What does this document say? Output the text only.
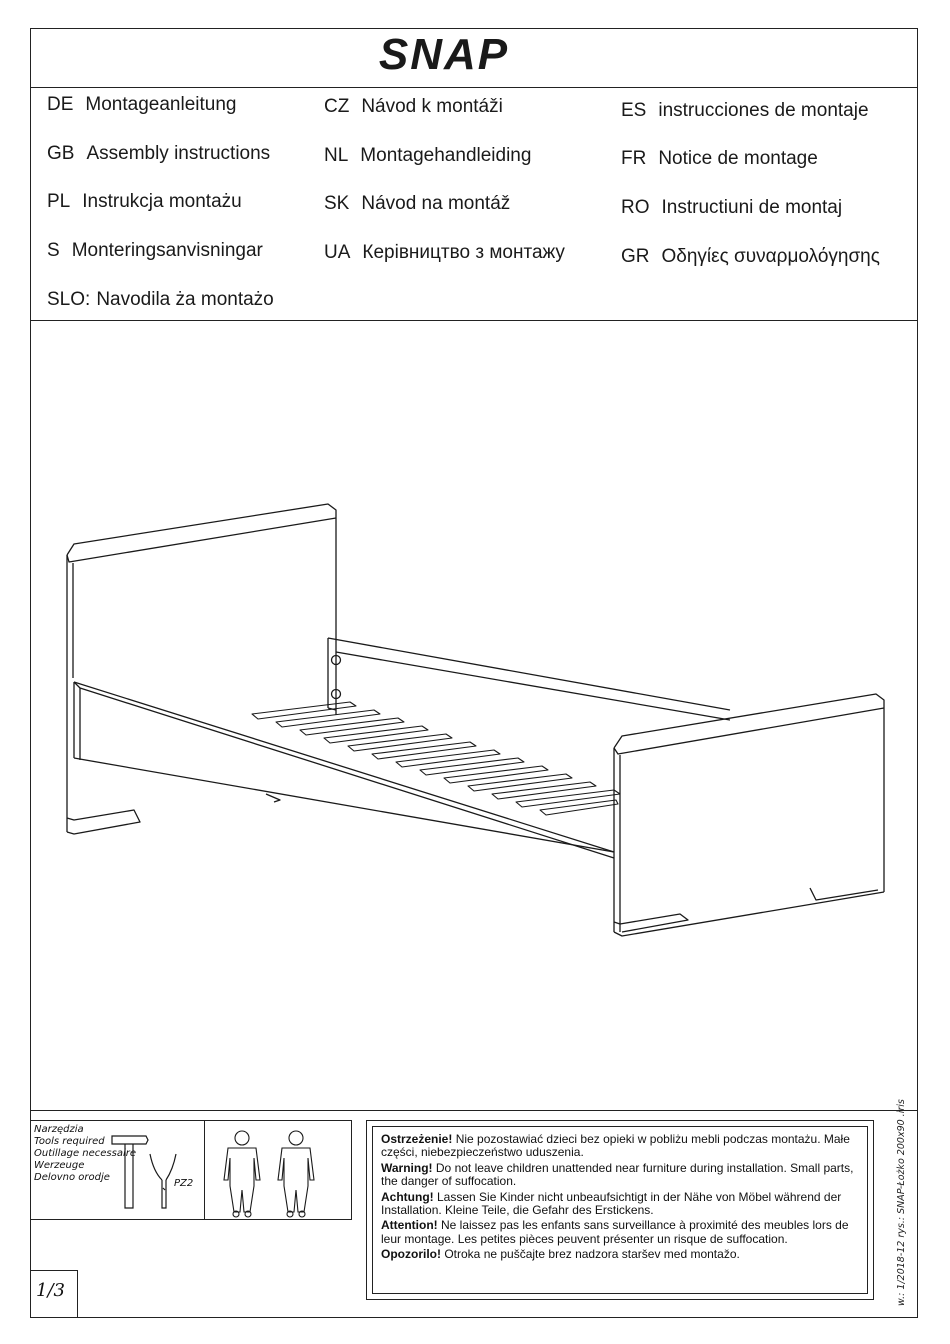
SNAP
DE Montageanleitung
GB Assembly instructions
PL Instrukcja montażu
S Monteringsanvisningar
SLO: Navodila ża montażo
CZ Návod k montáži
NL Montagehandleiding
SK Návod na montáž
UA Керівництво з монтажу
ES instrucciones de montaje
FR Notice de montage
RO Instructiuni de montaj
GR Οδηγίες συναρμολόγησης
Narzędzia
Tools required
Outillage necessaire
Werzeuge
Delovno orodje
PZ2
1/3

Ostrzeżenie! Nie pozostawiać dzieci bez opieki w pobliżu mebli podczas montażu. Małe części, niebezpieczeństwo uduszenia.

Warning! Do not leave children unattended near furniture during installation. Small parts, the danger of suffocation.

Achtung! Lassen Sie Kinder nicht unbeaufsichtigt in der Nähe von Möbel während der Installation. Kleine Teile, die Gefahr des Erstickens.

Attention! Ne laissez pas les enfants sans surveillance à proximité des meubles lors de leur montage. Les petites pièces peuvent présenter un risque de suffocation.

Opozorilo! Otroka ne puščajte brez nadzora staršev med montažo.	w.: 1/2018-12 rys.: SNAP-Łożko 200x90 .iris
